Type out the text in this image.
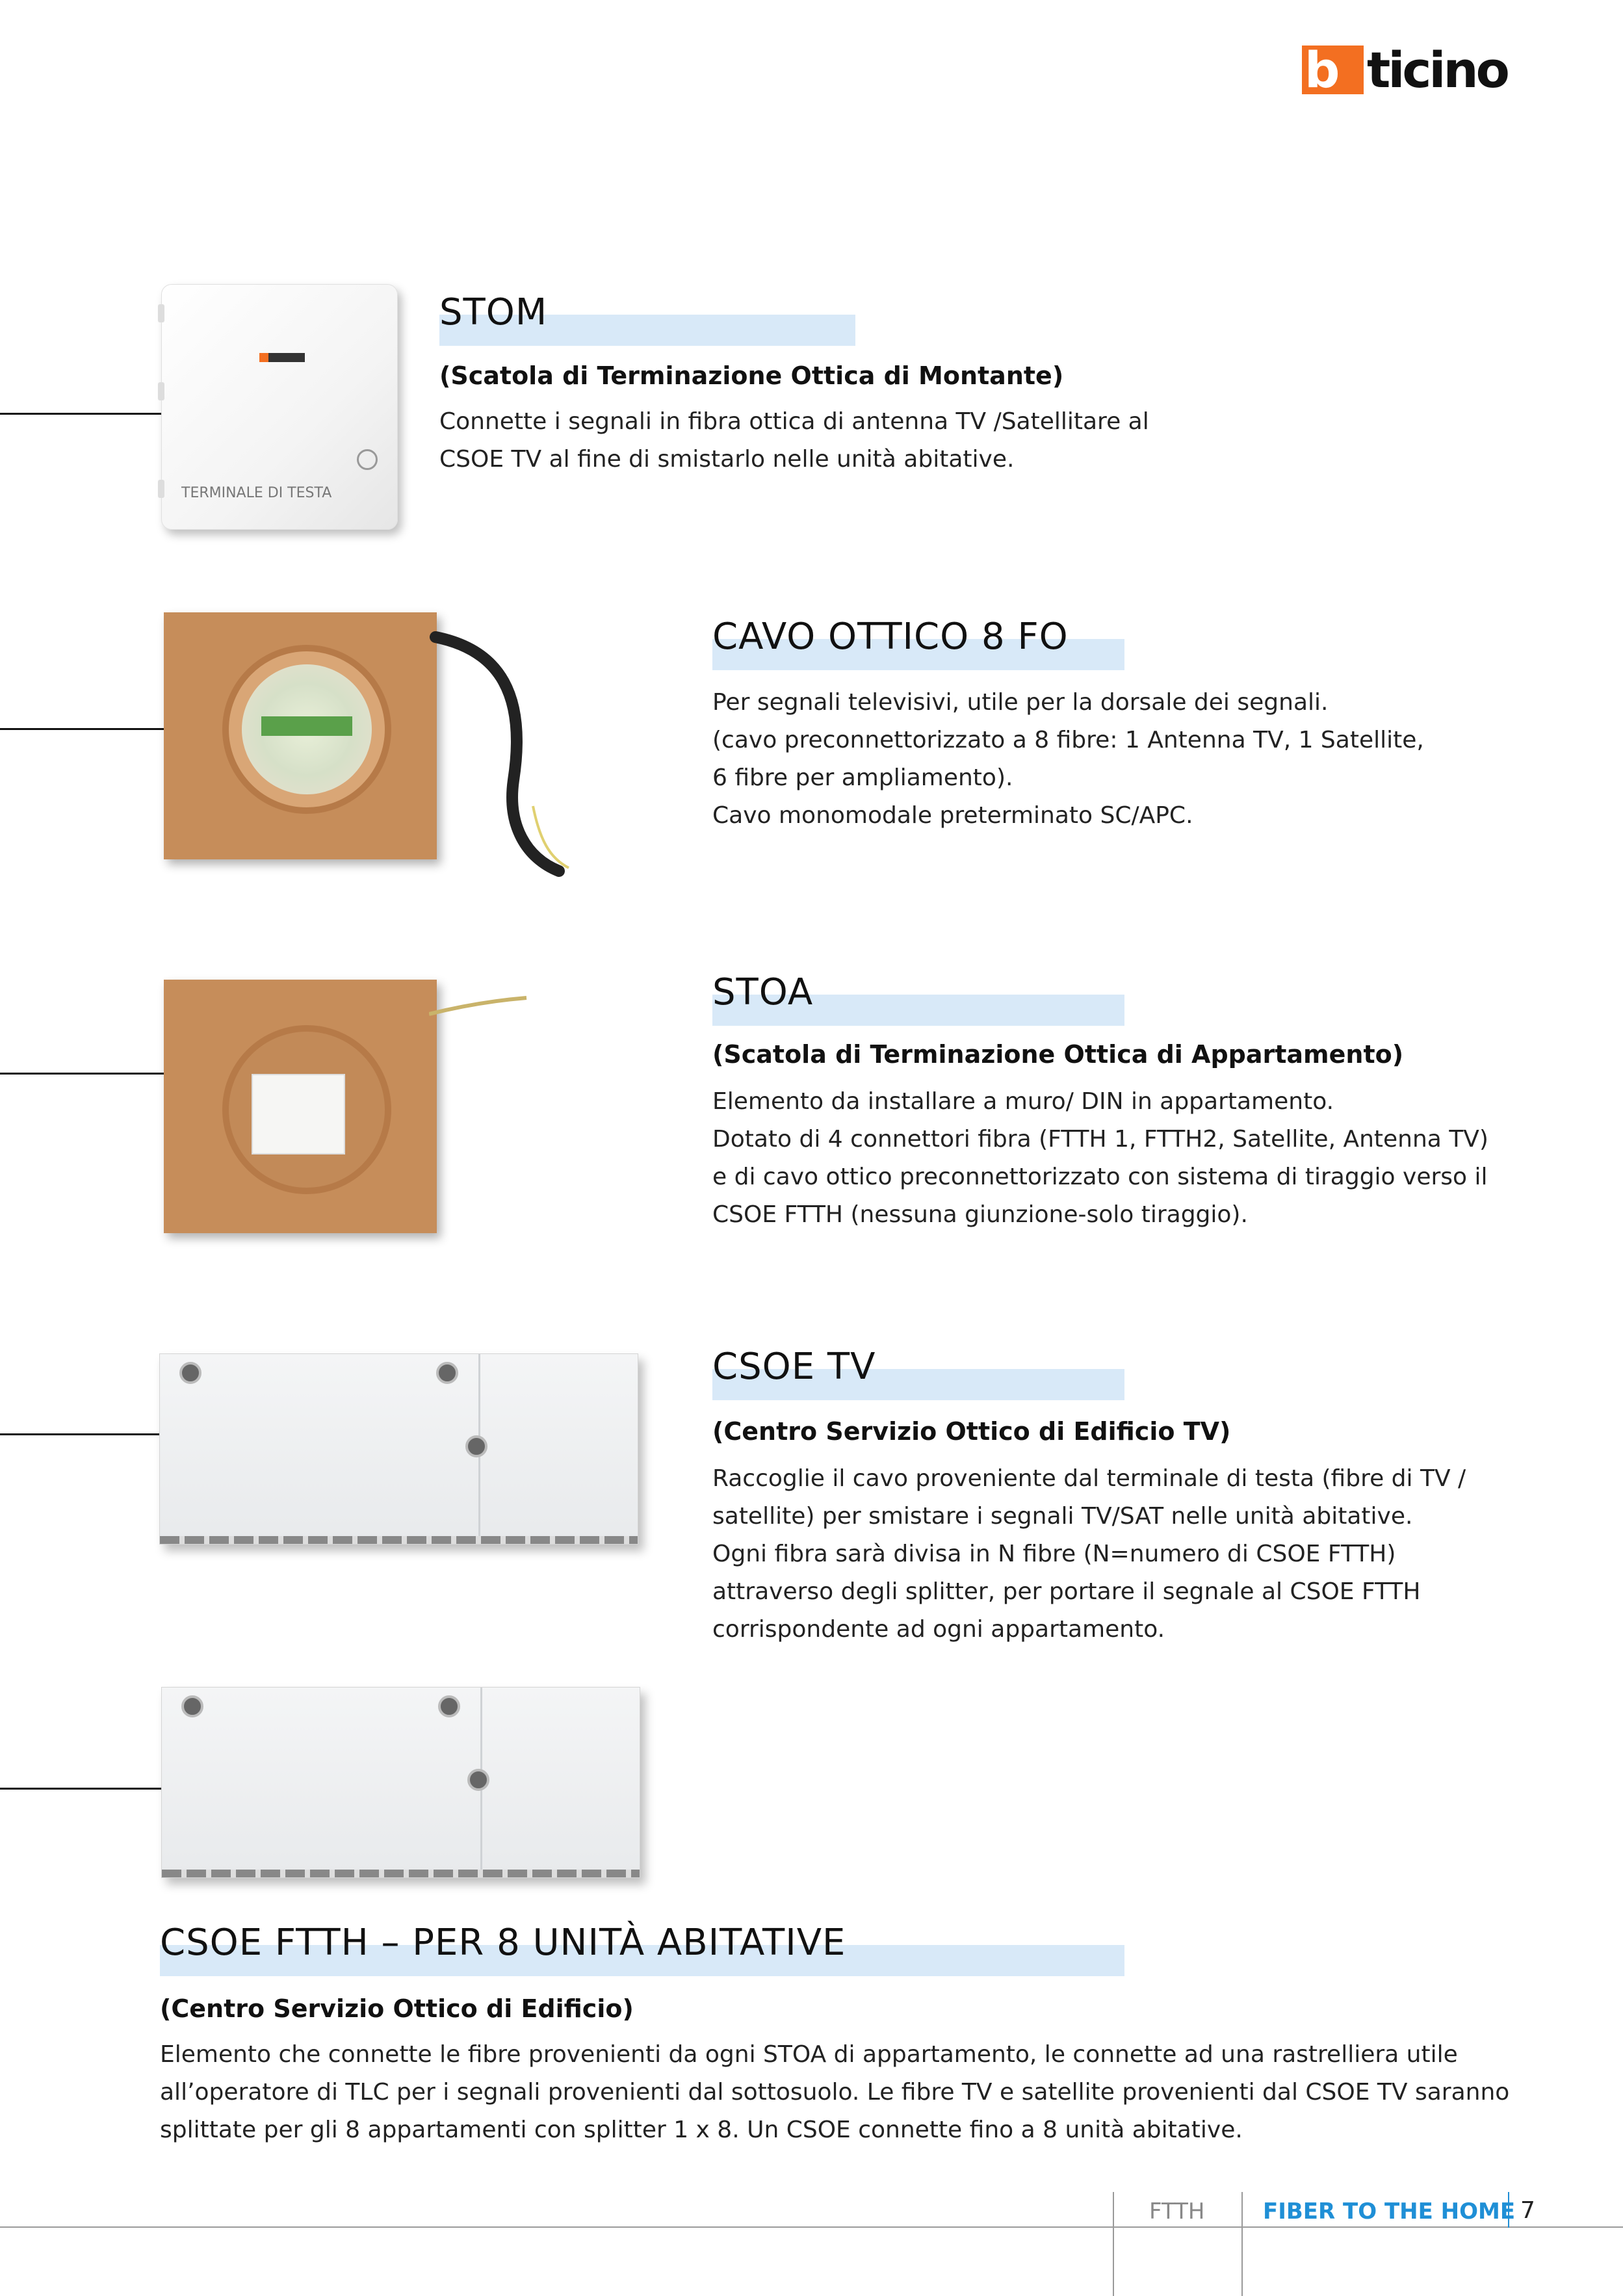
b ticino
TERMINALE DI TESTA
STOM
(Scatola di Terminazione Ottica di Montante)
Connette i segnali in fibra ottica di antenna TV /Satellitare al
CSOE TV al fine di smistarlo nelle unità abitative.
CAVO OTTICO 8 FO
Per segnali televisivi, utile per la dorsale dei segnali.
(cavo preconnettorizzato a 8 fibre: 1 Antenna TV, 1 Satellite,
6 fibre per ampliamento).
Cavo monomodale preterminato SC/APC.
STOA
(Scatola di Terminazione Ottica di Appartamento)
Elemento da installare a muro/ DIN in appartamento.
Dotato di 4 connettori fibra (FTTH 1, FTTH2, Satellite, Antenna TV)
e di cavo ottico preconnettorizzato con sistema di tiraggio verso il
CSOE FTTH (nessuna giunzione-solo tiraggio).
CSOE TV
(Centro Servizio Ottico di Edificio TV)
Raccoglie il cavo proveniente dal terminale di testa (fibre di TV /
satellite) per smistare i segnali TV/SAT nelle unità abitative.
Ogni fibra sarà divisa in N fibre (N=numero di CSOE FTTH)
attraverso degli splitter, per portare il segnale al CSOE FTTH
corrispondente ad ogni appartamento.
CSOE FTTH – PER 8 UNITÀ ABITATIVE
(Centro Servizio Ottico di Edificio)
Elemento che connette le fibre provenienti da ogni STOA di appartamento, le connette ad una rastrelliera utile
all’operatore di TLC per i segnali provenienti dal sottosuolo. Le fibre TV e satellite provenienti dal CSOE TV saranno
splittate per gli 8 appartamenti con splitter 1 x 8. Un CSOE connette fino a 8 unità abitative.
FTTH	FIBER TO THE HOME 7
